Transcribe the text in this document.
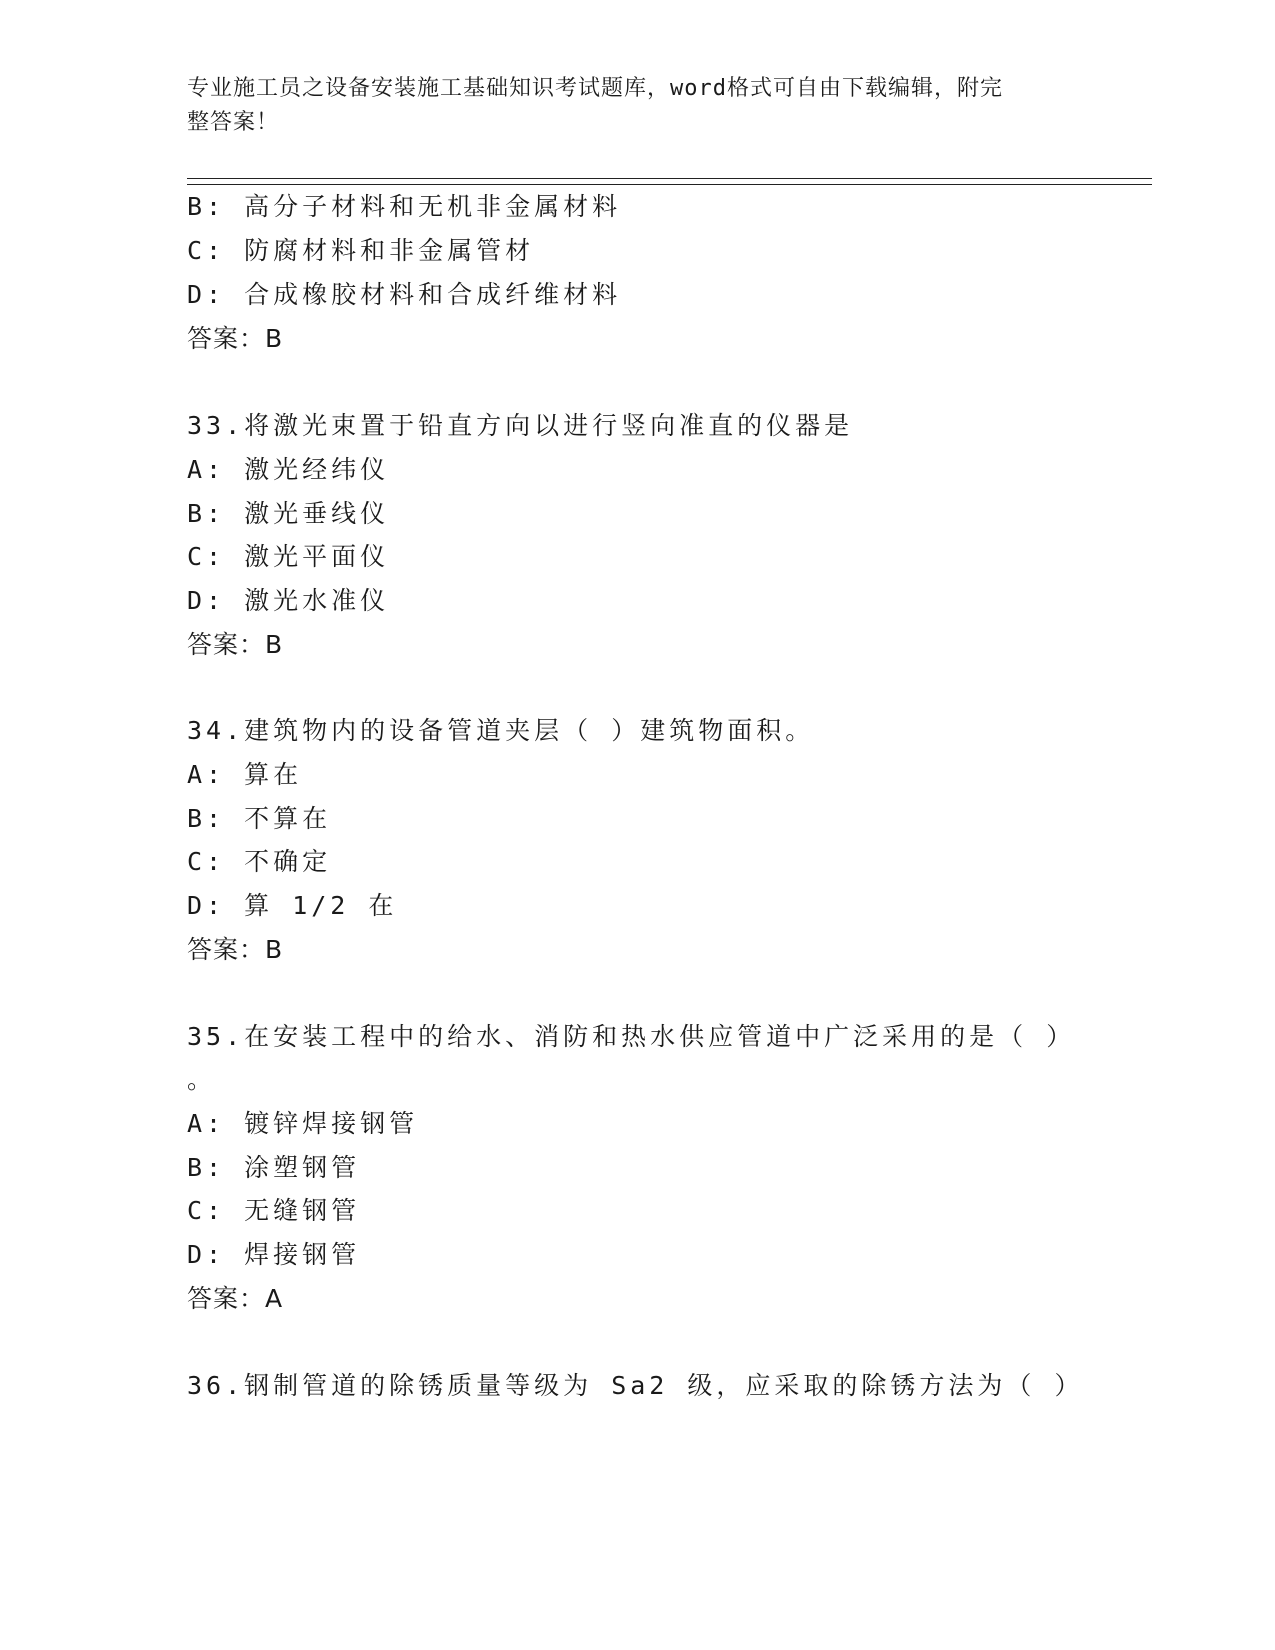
专业施工员之设备安装施工基础知识考试题库，word格式可自由下载编辑，附完
整答案！
B: 高分子材料和无机非金属材料
C: 防腐材料和非金属管材
D: 合成橡胶材料和合成纤维材料
答案：B
33.将激光束置于铅直方向以进行竖向准直的仪器是
A: 激光经纬仪
B: 激光垂线仪
C: 激光平面仪
D: 激光水准仪
答案：B
34.建筑物内的设备管道夹层（ ）建筑物面积。
A: 算在
B: 不算在
C: 不确定
D: 算 1/2 在
答案：B
35.在安装工程中的给水、消防和热水供应管道中广泛采用的是（ ）
。
A: 镀锌焊接钢管
B: 涂塑钢管
C: 无缝钢管
D: 焊接钢管
答案：A
36.钢制管道的除锈质量等级为 Sa2 级，应采取的除锈方法为（ ）
